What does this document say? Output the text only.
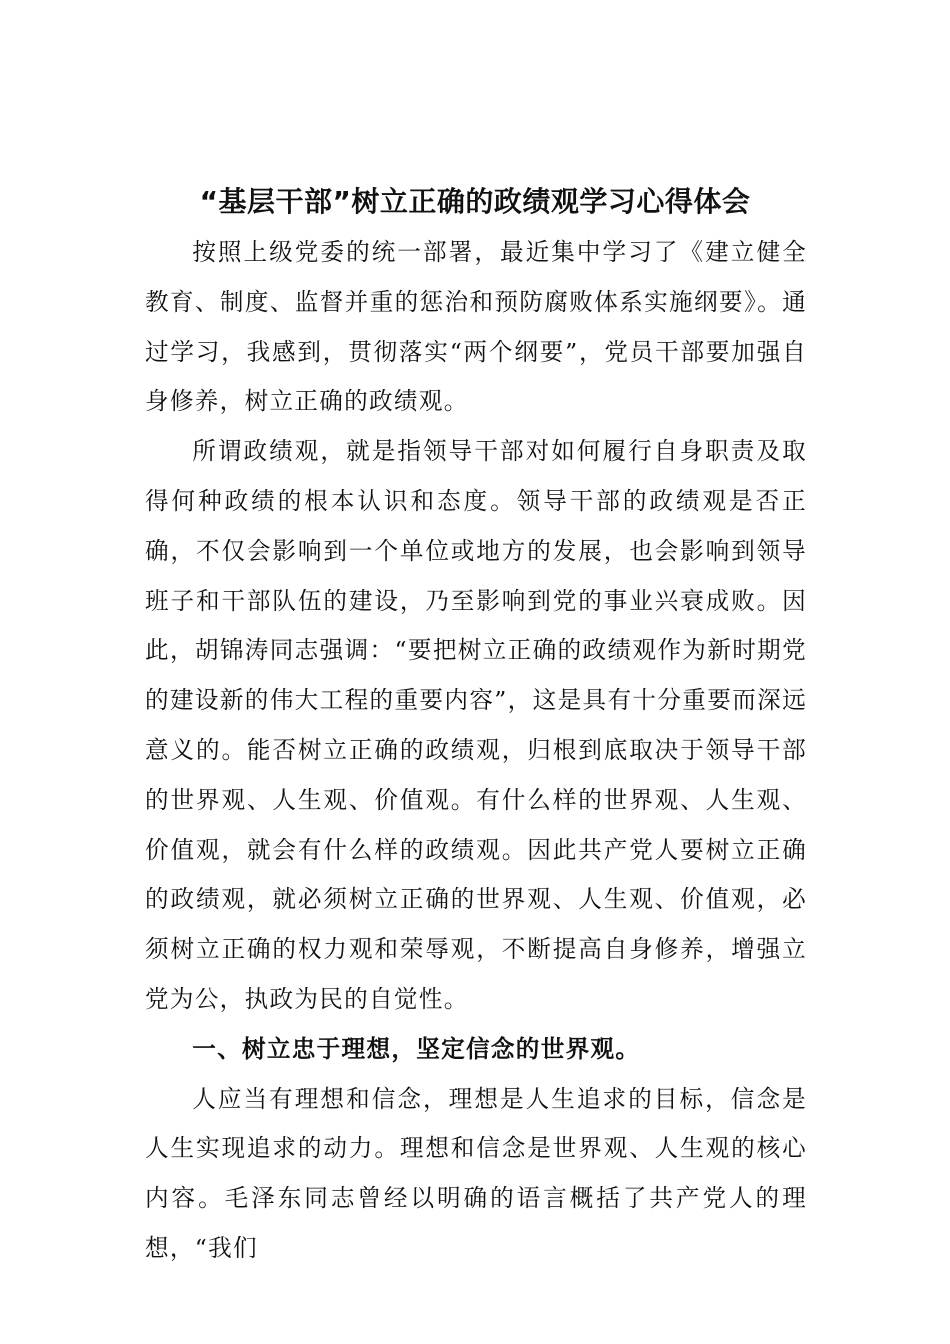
“基层干部”树立正确的政绩观学习心得体会

按照上级党委的统一部署，最近集中学习了《建立健全教育、制度、监督并重的惩治和预防腐败体系实施纲要》。通过学习，我感到，贯彻落实“两个纲要”，党员干部要加强自身修养，树立正确的政绩观。

所谓政绩观，就是指领导干部对如何履行自身职责及取得何种政绩的根本认识和态度。领导干部的政绩观是否正确，不仅会影响到一个单位或地方的发展，也会影响到领导班子和干部队伍的建设，乃至影响到党的事业兴衰成败。因此，胡锦涛同志强调：“要把树立正确的政绩观作为新时期党的建设新的伟大工程的重要内容”，这是具有十分重要而深远意义的。能否树立正确的政绩观，归根到底取决于领导干部的世界观、人生观、价值观。有什么样的世界观、人生观、价值观，就会有什么样的政绩观。因此共产党人要树立正确的政绩观，就必须树立正确的世界观、人生观、价值观，必须树立正确的权力观和荣辱观，不断提高自身修养，增强立党为公，执政为民的自觉性。

一、树立忠于理想，坚定信念的世界观。

人应当有理想和信念，理想是人生追求的目标，信念是人生实现追求的动力。理想和信念是世界观、人生观的核心内容。毛泽东同志曾经以明确的语言概括了共产党人的理想，“我们
